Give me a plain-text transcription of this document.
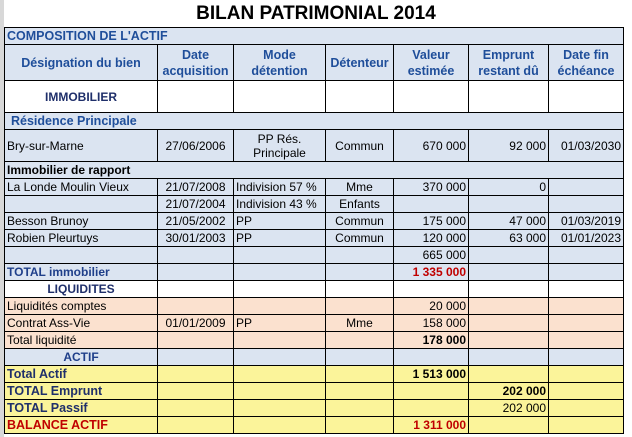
BILAN PATRIMONIAL 2014
COMPOSITION DE L'ACTIF						
Désignation du bien	Date acquisition	Mode détention	Détenteur	Valeur estimée	Emprunt restant dû	Date fin échéance
IMMOBILIER						
Résidence Principale						
Bry-sur-Marne	27/06/2006	PP Rés. Principale	Commun	670 000	92 000	01/03/2030
Immobilier de rapport						
La Londe Moulin Vieux	21/07/2008	Indivision 57 %	Mme	370 000	0	
	21/07/2004	Indivision 43 %	Enfants			
Besson Brunoy	21/05/2002	PP	Commun	175 000	47 000	01/03/2019
Robien Pleurtuys	30/01/2003	PP	Commun	120 000	63 000	01/01/2023
				665 000		
TOTAL immobilier				1 335 000		
LIQUIDITES						
Liquidités comptes				20 000		
Contrat Ass-Vie	01/01/2009	PP	Mme	158 000		
Total liquidité				178 000		
ACTIF						
Total Actif				1 513 000		
TOTAL Emprunt					202 000	
TOTAL Passif					202 000	
BALANCE ACTIF				1 311 000		
